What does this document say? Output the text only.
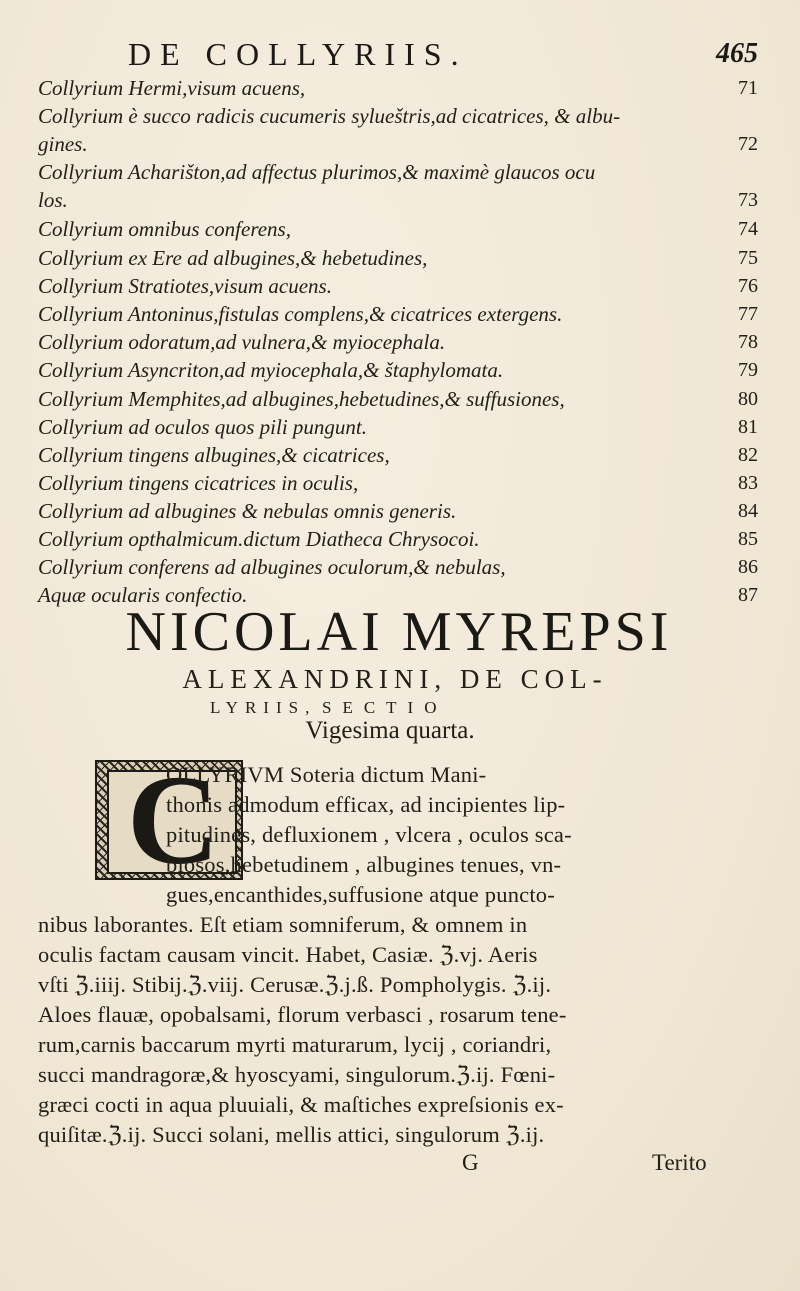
DE COLLYRIIS.	465
Collyrium Hermi,visum acuens,	71
Collyrium è succo radicis cucumeris sylueštris,ad cicatrices, & albu-
gines.	72
Collyrium Acharišton,ad affectus plurimos,& maximè glaucos ocu
los.	73
Collyrium omnibus conferens,	74
Collyrium ex Ere ad albugines,& hebetudines,	75
Collyrium Stratiotes,visum acuens.	76
Collyrium Antoninus,fistulas complens,& cicatrices extergens.	77
Collyrium odoratum,ad vulnera,& myiocephala.	78
Collyrium Asyncriton,ad myiocephala,& štaphylomata.	79
Collyrium Memphites,ad albugines,hebetudines,& suffusiones,	80
Collyrium ad oculos quos pili pungunt.	81
Collyrium tingens albugines,& cicatrices,	82
Collyrium tingens cicatrices in oculis,	83
Collyrium ad albugines & nebulas omnis generis.	84
Collyrium opthalmicum.dictum Diatheca Chrysocoi.	85
Collyrium conferens ad albugines oculorum,& nebulas,	86
Aquæ ocularis confectio.	87
NICOLAI MYREPSI
ALEXANDRINI, DE COL-
LYRIIS, SECTIO
Vigesima quarta.
C
OLLYRIVM Soteria dictum Mani-
thonis admodum efficax, ad incipientes lip-
pitudines, defluxionem , vlcera , oculos sca-
biosos,hebetudinem , albugines tenues, vn-
gues,encanthides,suffusione atque puncto-
nibus laborantes. Eſt etiam somniferum, & omnem in
oculis factam causam vincit. Habet, Casiæ. ℨ.vj. Aeris
vſti ℨ.iiij. Stibij.ℨ.viij. Cerusæ.ℨ.j.ß. Pompholygis. ℨ.ij.
Aloes flauæ, opobalsami, florum verbasci , rosarum tene-
rum,carnis baccarum myrti maturarum, lycij , coriandri,
succi mandragoræ,& hyoscyami, singulorum.ℨ.ij. Fœni-
græci cocti in aqua pluuiali, & maſtiches expreſsionis ex-
quiſitæ.ℨ.ij. Succi solani, mellis attici, singulorum ℨ.ij.
G	Terito
